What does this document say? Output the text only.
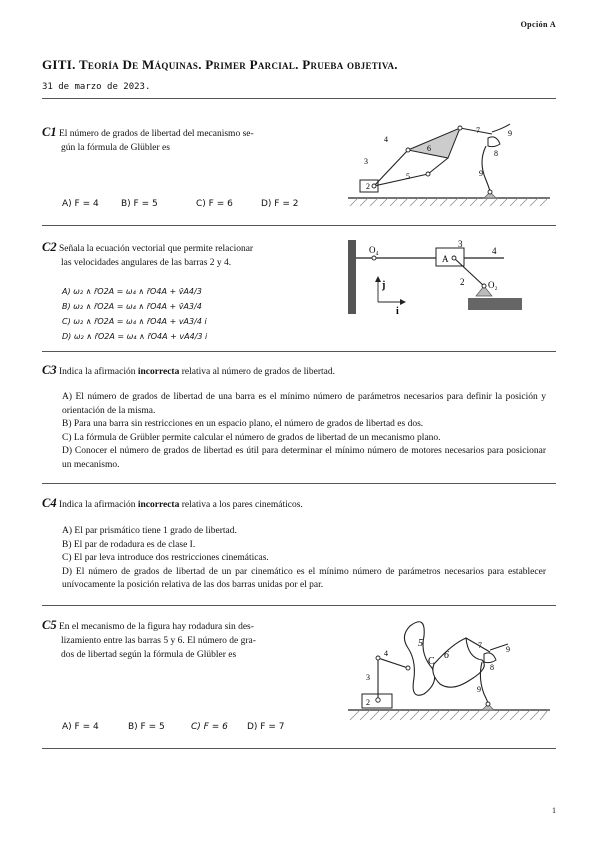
Opción A
GITI. Teoría De Máquinas. Primer Parcial. Prueba objetiva.
31 de marzo de 2023.
C1 El número de grados de libertad del mecanismo se-
gún la fórmula de Glübler es
A) F = 4 B) F = 5	C) F = 6	D) F = 2
2
3
4
5
6
7
8
9
9
C2 Señala la ecuación vectorial que permite relacionar
las velocidades angulares de las barras 2 y 4.
A) ω₂ ∧ r̄O2A = ω₄ ∧ r̄O4A + v̄A4/3
B) ω₂ ∧ r̄O2A = ω₄ ∧ r̄O4A + v̄A3/4
C) ω₂ ∧ r̄O2A = ω₄ ∧ r̄O4A + vA3/4 i
D) ω₂ ∧ r̄O2A = ω₄ ∧ r̄O4A + vA4/3 i
O₄
A
3
4
2	O₂
j
i
C3 Indica la afirmación incorrecta relativa al número de grados de libertad.
A) El número de grados de libertad de una barra es el mínimo número de parámetros necesarios para definir la posición y orientación de la misma.
B) Para una barra sin restricciones en un espacio plano, el número de grados de libertad es dos.
C) La fórmula de Grübler permite calcular el número de grados de libertad de un mecanismo plano.
D) Conocer el número de grados de libertad es útil para determinar el mínimo número de motores necesarios para posicionar un mecanismo.
C4 Indica la afirmación incorrecta relativa a los pares cinemáticos.
A) El par prismático tiene 1 grado de libertad.
B) El par de rodadura es de clase I.
C) El par leva introduce dos restricciones cinemáticas.
D) El número de grados de libertad de un par cinemático es el mínimo número de parámetros necesarios para establecer unívocamente la posición relativa de las dos barras unidas por el par.
C5 En el mecanismo de la figura hay rodadura sin des-
lizamiento entre las barras 5 y 6. El número de gra-
dos de libertad según la fórmula de Glübler es
A) F = 4	B) F = 5	C) F = 6 D) F = 7
2
3
4
5
6
C
7
8
9
9
1
